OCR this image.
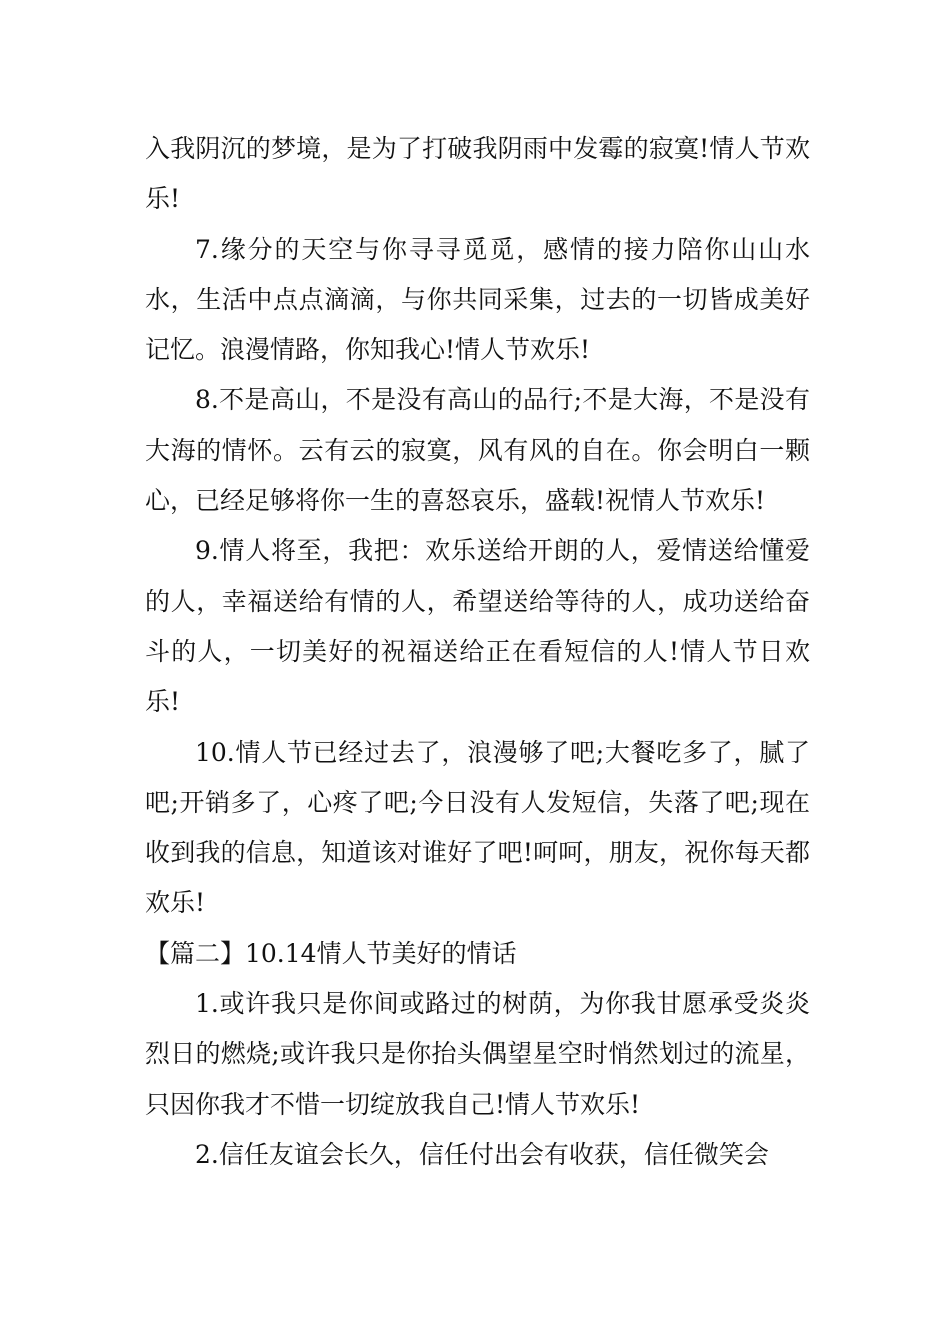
入我阴沉的梦境，是为了打破我阴雨中发霉的寂寞!情人节欢乐!

7.缘分的天空与你寻寻觅觅，感情的接力陪你山山水水，生活中点点滴滴，与你共同采集，过去的一切皆成美好记忆。浪漫情路，你知我心!情人节欢乐!

8.不是高山，不是没有高山的品行;不是大海，不是没有大海的情怀。云有云的寂寞，风有风的自在。你会明白一颗心，已经足够将你一生的喜怒哀乐，盛载!祝情人节欢乐!

9.情人将至，我把：欢乐送给开朗的人，爱情送给懂爱的人，幸福送给有情的人，希望送给等待的人，成功送给奋斗的人，一切美好的祝福送给正在看短信的人!情人节日欢乐!

10.情人节已经过去了，浪漫够了吧;大餐吃多了，腻了吧;开销多了，心疼了吧;今日没有人发短信，失落了吧;现在收到我的信息，知道该对谁好了吧!呵呵，朋友，祝你每天都欢乐!

【篇二】10.14情人节美好的情话

1.或许我只是你间或路过的树荫，为你我甘愿承受炎炎烈日的燃烧;或许我只是你抬头偶望星空时悄然划过的流星，只因你我才不惜一切绽放我自己!情人节欢乐!

2.信任友谊会长久，信任付出会有收获，信任微笑会
